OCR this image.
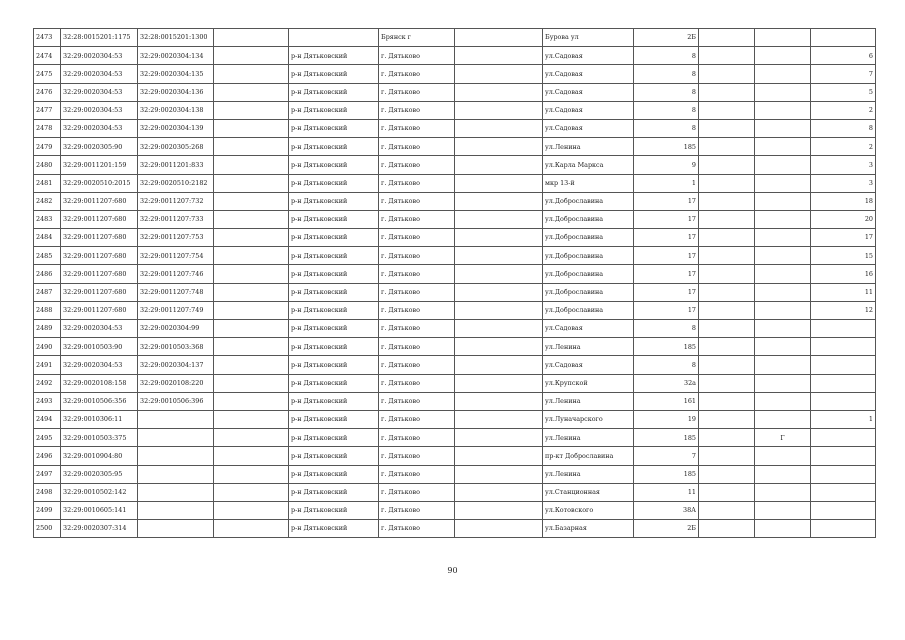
2473	32:28:0015201:1175	32:28:0015201:1300			Брянск г		Бурова ул	2Б			
2474	32:29:0020304:53	32:29:0020304:134		р-н Дятьковский	г. Дятьково		ул.Садовая	8			6
2475	32:29:0020304:53	32:29:0020304:135		р-н Дятьковский	г. Дятьково		ул.Садовая	8			7
2476	32:29:0020304:53	32:29:0020304:136		р-н Дятьковский	г. Дятьково		ул.Садовая	8			5
2477	32:29:0020304:53	32:29:0020304:138		р-н Дятьковский	г. Дятьково		ул.Садовая	8			2
2478	32:29:0020304:53	32:29:0020304:139		р-н Дятьковский	г. Дятьково		ул.Садовая	8			8
2479	32:29:0020305:90	32:29:0020305:268		р-н Дятьковский	г. Дятьково		ул.Ленина	185			2
2480	32:29:0011201:159	32:29:0011201:833		р-н Дятьковский	г. Дятьково		ул.Карла Маркса	9			3
2481	32:29:0020510:2015	32:29:0020510:2182		р-н Дятьковский	г. Дятьково		мкр 13-й	1			3
2482	32:29:0011207:680	32:29:0011207:732		р-н Дятьковский	г. Дятьково		ул.Доброславина	17			18
2483	32:29:0011207:680	32:29:0011207:733		р-н Дятьковский	г. Дятьково		ул.Доброславина	17			20
2484	32:29:0011207:680	32:29:0011207:753		р-н Дятьковский	г. Дятьково		ул.Доброславина	17			17
2485	32:29:0011207:680	32:29:0011207:754		р-н Дятьковский	г. Дятьково		ул.Доброславина	17			15
2486	32:29:0011207:680	32:29:0011207:746		р-н Дятьковский	г. Дятьково		ул.Доброславина	17			16
2487	32:29:0011207:680	32:29:0011207:748		р-н Дятьковский	г. Дятьково		ул.Доброславина	17			11
2488	32:29:0011207:680	32:29:0011207:749		р-н Дятьковский	г. Дятьково		ул.Доброславина	17			12
2489	32:29:0020304:53	32:29:0020304:99		р-н Дятьковский	г. Дятьково		ул.Садовая	8			
2490	32:29:0010503:90	32:29:0010503:368		р-н Дятьковский	г. Дятьково		ул.Ленина	185			
2491	32:29:0020304:53	32:29:0020304:137		р-н Дятьковский	г. Дятьково		ул.Садовая	8			
2492	32:29:0020108:158	32:29:0020108:220		р-н Дятьковский	г. Дятьково		ул.Крупской	32а			
2493	32:29:0010506:356	32:29:0010506:396		р-н Дятьковский	г. Дятьково		ул.Ленина	161			
2494	32:29:0010306:11			р-н Дятьковский	г. Дятьково		ул.Луначарского	19			1
2495	32:29:0010503:375			р-н Дятьковский	г. Дятьково		ул.Ленина	185		Г	
2496	32:29:0010904:80			р-н Дятьковский	г. Дятьково		пр-кт Доброславина	7			
2497	32:29:0020305:95			р-н Дятьковский	г. Дятьково		ул.Ленина	185			
2498	32:29:0010502:142			р-н Дятьковский	г. Дятьково		ул.Станционная	11			
2499	32:29:0010605:141			р-н Дятьковский	г. Дятьково		ул.Котовского	38А			
2500	32:29:0020307:314			р-н Дятьковский	г. Дятьково		ул.Базарная	2Б			
90
